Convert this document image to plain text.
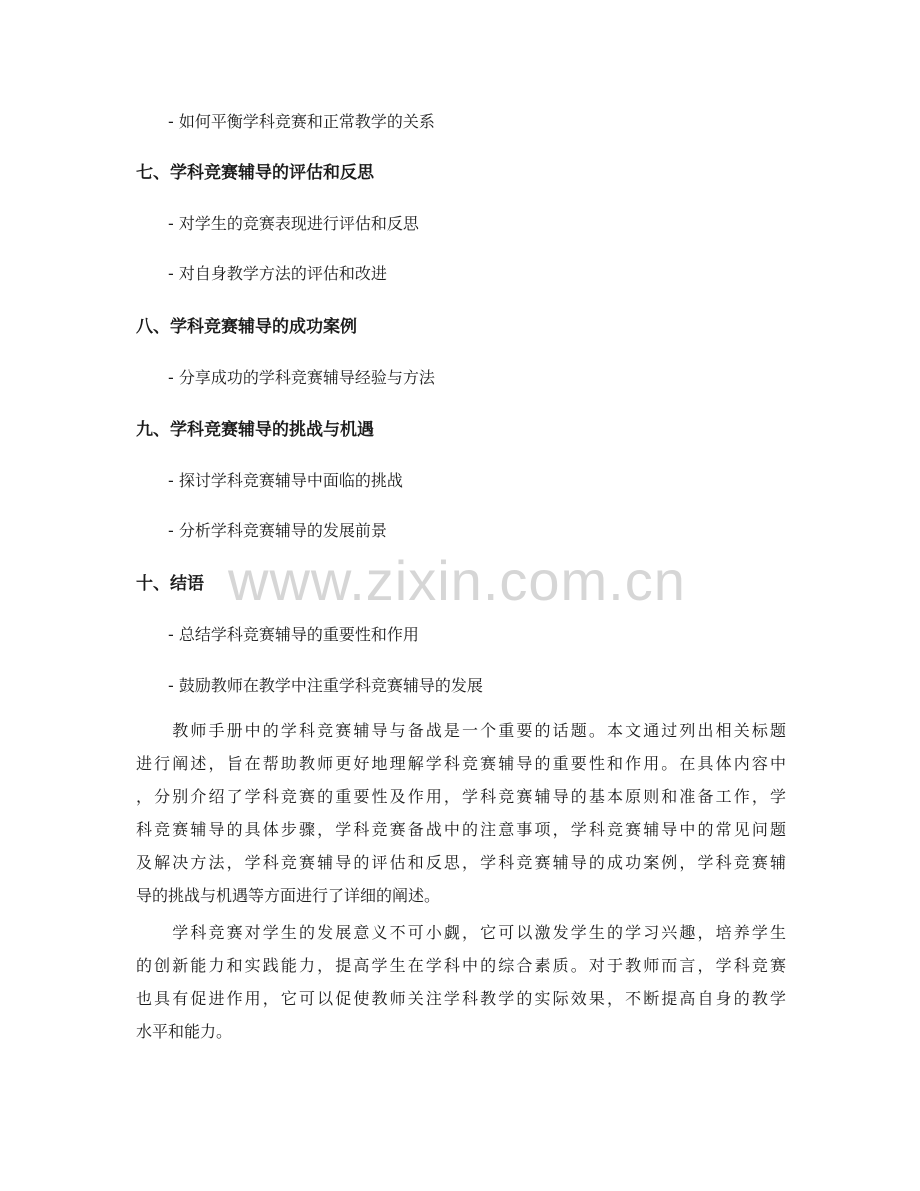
- 如何平衡学科竞赛和正常教学的关系
七、学科竞赛辅导的评估和反思
- 对学生的竞赛表现进行评估和反思
- 对自身教学方法的评估和改进
八、学科竞赛辅导的成功案例
- 分享成功的学科竞赛辅导经验与方法
九、学科竞赛辅导的挑战与机遇
- 探讨学科竞赛辅导中面临的挑战
- 分析学科竞赛辅导的发展前景
十、结语
- 总结学科竞赛辅导的重要性和作用
- 鼓励教师在教学中注重学科竞赛辅导的发展
　　教师手册中的学科竞赛辅导与备战是一个重要的话题。本文通过列出相关标题
进行阐述，旨在帮助教师更好地理解学科竞赛辅导的重要性和作用。在具体内容中
，分别介绍了学科竞赛的重要性及作用，学科竞赛辅导的基本原则和准备工作，学
科竞赛辅导的具体步骤，学科竞赛备战中的注意事项，学科竞赛辅导中的常见问题
及解决方法，学科竞赛辅导的评估和反思，学科竞赛辅导的成功案例，学科竞赛辅
导的挑战与机遇等方面进行了详细的阐述。
　　学科竞赛对学生的发展意义不可小觑，它可以激发学生的学习兴趣，培养学生
的创新能力和实践能力，提高学生在学科中的综合素质。对于教师而言，学科竞赛
也具有促进作用，它可以促使教师关注学科教学的实际效果，不断提高自身的教学
水平和能力。
www.zixin.com.cn
